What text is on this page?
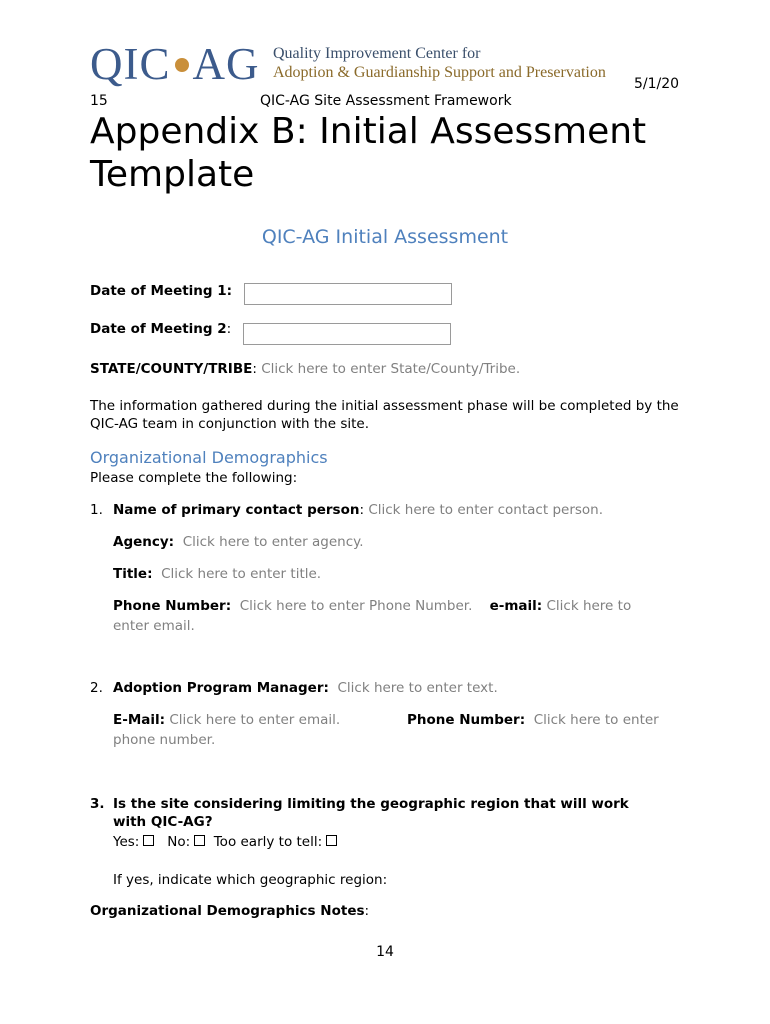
QIC AG Quality Improvement Center for
Adoption & Guardianship Support and Preservation
5/1/20
15	QIC-AG Site Assessment Framework
Appendix B: Initial Assessment Template
QIC-AG Initial Assessment
Date of Meeting 1:
Date of Meeting 2:
STATE/COUNTY/TRIBE: Click here to enter State/County/Tribe.
The information gathered during the initial assessment phase will be completed by the QIC-AG team in conjunction with the site.
Organizational Demographics
Please complete the following:
1. Name of primary contact person: Click here to enter contact person.
Agency: Click here to enter agency.
Title: Click here to enter title.
Phone Number: Click here to enter Phone Number. e-mail: Click here to
enter email.
2. Adoption Program Manager: Click here to enter text.
E-Mail: Click here to enter email.	Phone Number: Click here to enter
phone number.
3. Is the site considering limiting the geographic region that will work
with QIC-AG?
Yes: No: Too early to tell:
If yes, indicate which geographic region:
Organizational Demographics Notes:
14
